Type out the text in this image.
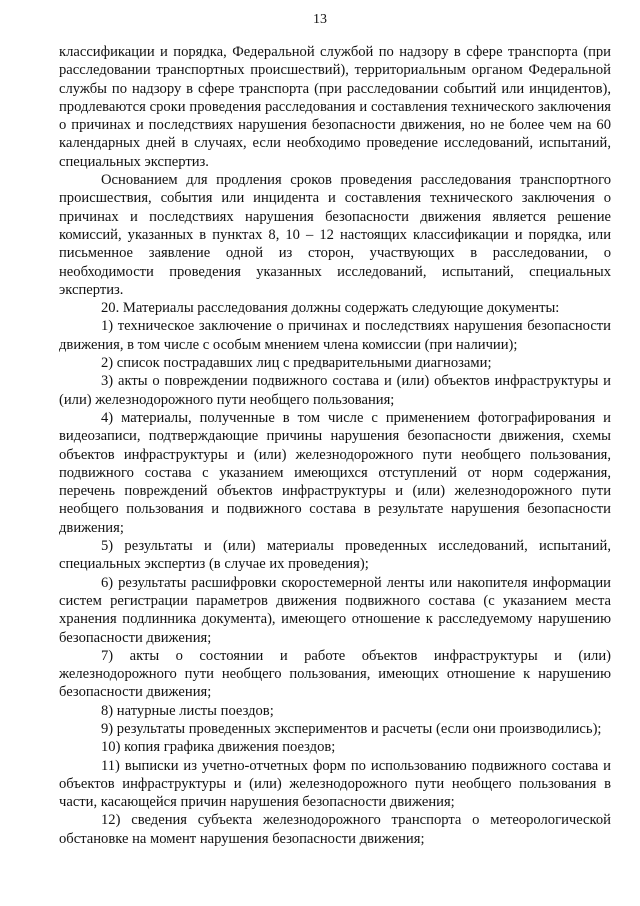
13

классификации и порядка, Федеральной службой по надзору в сфере транспорта (при расследовании транспортных происшествий), территориальным органом Федеральной службы по надзору в сфере транспорта (при расследовании событий или инцидентов), продлеваются сроки проведения расследования и составления технического заключения о причинах и последствиях нарушения безопасности движения, но не более чем на 60 календарных дней в случаях, если необходимо проведение исследований, испытаний, специальных экспертиз.

Основанием для продления сроков проведения расследования транспортного происшествия, события или инцидента и составления технического заключения о причинах и последствиях нарушения безопасности движения является решение комиссий, указанных в пунктах 8, 10 – 12 настоящих классификации и порядка, или письменное заявление одной из сторон, участвующих в расследовании, о необходимости проведения указанных исследований, испытаний, специальных экспертиз.

20. Материалы расследования должны содержать следующие документы:

1) техническое заключение о причинах и последствиях нарушения безопасности движения, в том числе с особым мнением члена комиссии (при наличии);

2) список пострадавших лиц с предварительными диагнозами;

3) акты о повреждении подвижного состава и (или) объектов инфраструктуры и (или) железнодорожного пути необщего пользования;

4) материалы, полученные в том числе с применением фотографирования и видеозаписи, подтверждающие причины нарушения безопасности движения, схемы объектов инфраструктуры и (или) железнодорожного пути необщего пользования, подвижного состава с указанием имеющихся отступлений от норм содержания, перечень повреждений объектов инфраструктуры и (или) железнодорожного пути необщего пользования и подвижного состава в результате нарушения безопасности движения;

5) результаты и (или) материалы проведенных исследований, испытаний, специальных экспертиз (в случае их проведения);

6) результаты расшифровки скоростемерной ленты или накопителя информации систем регистрации параметров движения подвижного состава (с указанием места хранения подлинника документа), имеющего отношение к расследуемому нарушению безопасности движения;

7) акты о состоянии и работе объектов инфраструктуры и (или) железнодорожного пути необщего пользования, имеющих отношение к нарушению безопасности движения;

8) натурные листы поездов;

9) результаты проведенных экспериментов и расчеты (если они производились);

10) копия графика движения поездов;

11) выписки из учетно-отчетных форм по использованию подвижного состава и объектов инфраструктуры и (или) железнодорожного пути необщего пользования в части, касающейся причин нарушения безопасности движения;

12) сведения субъекта железнодорожного транспорта о метеорологической обстановке на момент нарушения безопасности движения;
